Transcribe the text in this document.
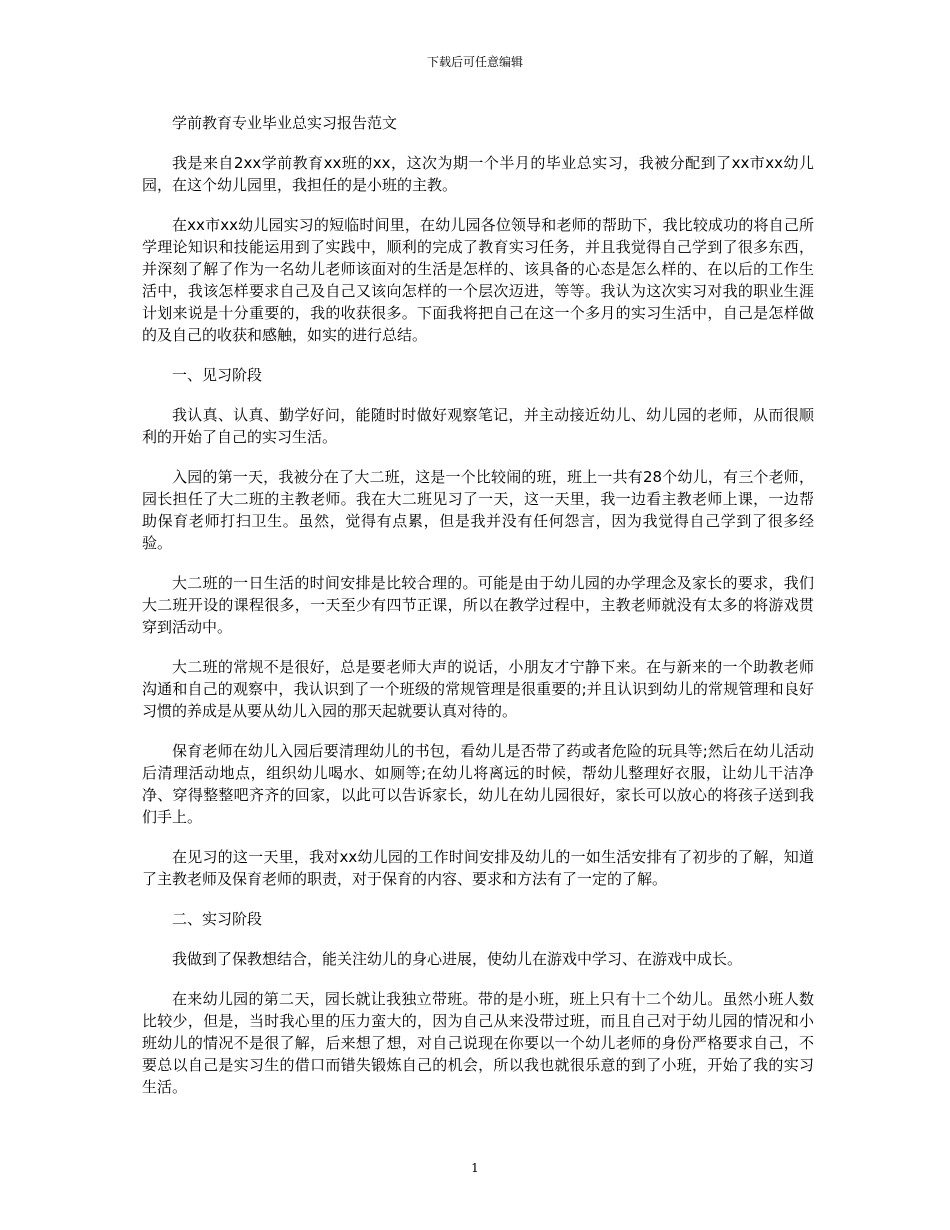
下载后可任意编辑

学前教育专业毕业总实习报告范文

我是来自2xx学前教育xx班的xx，这次为期一个半月的毕业总实习，我被分配到了xx市xx幼儿园，在这个幼儿园里，我担任的是小班的主教。

在xx市xx幼儿园实习的短临时间里，在幼儿园各位领导和老师的帮助下，我比较成功的将自己所学理论知识和技能运用到了实践中，顺利的完成了教育实习任务，并且我觉得自己学到了很多东西，并深刻了解了作为一名幼儿老师该面对的生活是怎样的、该具备的心态是怎么样的、在以后的工作生活中，我该怎样要求自己及自己又该向怎样的一个层次迈进，等等。我认为这次实习对我的职业生涯计划来说是十分重要的，我的收获很多。下面我将把自己在这一个多月的实习生活中，自己是怎样做的及自己的收获和感触，如实的进行总结。

一、见习阶段

我认真、认真、勤学好问，能随时时做好观察笔记，并主动接近幼儿、幼儿园的老师，从而很顺利的开始了自己的实习生活。

入园的第一天，我被分在了大二班，这是一个比较闹的班，班上一共有28个幼儿，有三个老师，园长担任了大二班的主教老师。我在大二班见习了一天，这一天里，我一边看主教老师上课，一边帮助保育老师打扫卫生。虽然，觉得有点累，但是我并没有任何怨言，因为我觉得自己学到了很多经验。

大二班的一日生活的时间安排是比较合理的。可能是由于幼儿园的办学理念及家长的要求，我们大二班开设的课程很多，一天至少有四节正课，所以在教学过程中，主教老师就没有太多的将游戏贯穿到活动中。

大二班的常规不是很好，总是要老师大声的说话，小朋友才宁静下来。在与新来的一个助教老师沟通和自己的观察中，我认识到了一个班级的常规管理是很重要的;并且认识到幼儿的常规管理和良好习惯的养成是从要从幼儿入园的那天起就要认真对待的。

保育老师在幼儿入园后要清理幼儿的书包，看幼儿是否带了药或者危险的玩具等;然后在幼儿活动后清理活动地点，组织幼儿喝水、如厕等;在幼儿将离远的时候，帮幼儿整理好衣服，让幼儿干洁净净、穿得整整吧齐齐的回家，以此可以告诉家长，幼儿在幼儿园很好，家长可以放心的将孩子送到我们手上。

在见习的这一天里，我对xx幼儿园的工作时间安排及幼儿的一如生活安排有了初步的了解，知道了主教老师及保育老师的职责，对于保育的内容、要求和方法有了一定的了解。

二、实习阶段

我做到了保教想结合，能关注幼儿的身心进展，使幼儿在游戏中学习、在游戏中成长。

在来幼儿园的第二天，园长就让我独立带班。带的是小班，班上只有十二个幼儿。虽然小班人数比较少，但是，当时我心里的压力蛮大的，因为自己从来没带过班，而且自己对于幼儿园的情况和小班幼儿的情况不是很了解，后来想了想，对自己说现在你要以一个幼儿老师的身份严格要求自己，不要总以自己是实习生的借口而错失锻炼自己的机会，所以我也就很乐意的到了小班，开始了我的实习生活。

1
